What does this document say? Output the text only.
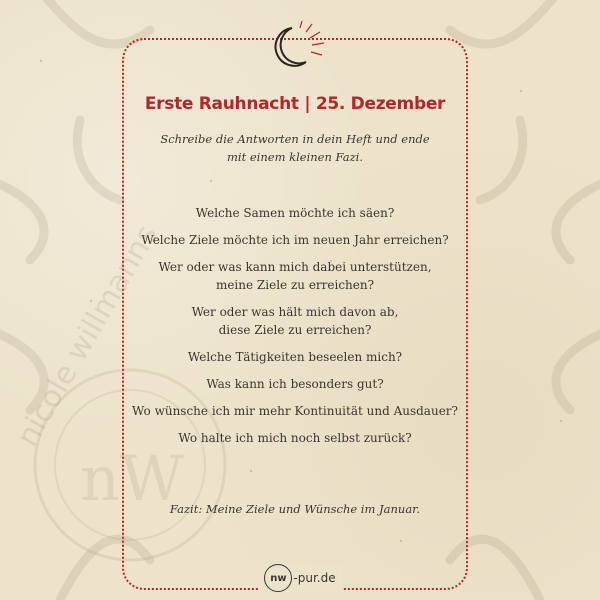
nW
Erste Rauhnacht | 25. Dezember
Schreibe die Antworten in dein Heft und ende
mit einem kleinen Fazi.
Welche Samen möchte ich säen?
Welche Ziele möchte ich im neuen Jahr erreichen?
Wer oder was kann mich dabei unterstützen,
meine Ziele zu erreichen?
Wer oder was hält mich davon ab,
diese Ziele zu erreichen?
Welche Tätigkeiten beseelen mich?
Was kann ich besonders gut?
Wo wünsche ich mir mehr Kontinuität und Ausdauer?
Wo halte ich mich noch selbst zurück?
Fazit: Meine Ziele und Wünsche im Januar.
nw -pur.de
nicole willmanns
